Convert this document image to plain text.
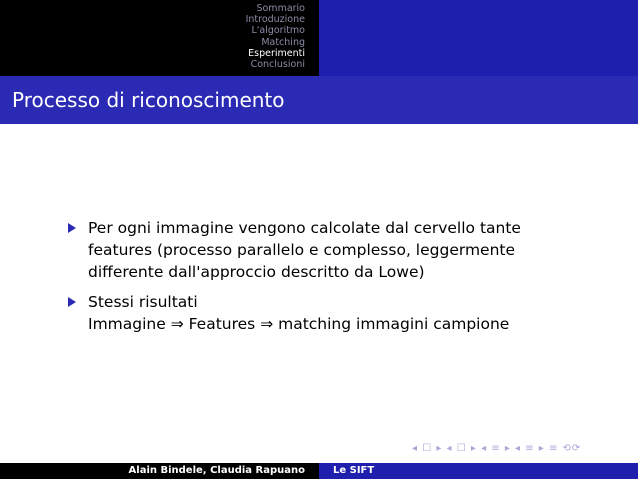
Sommario
Introduzione
L'algoritmo
Matching
Esperimenti
Conclusioni
Processo di riconoscimento
Per ogni immagine vengono calcolate dal cervello tante
features (processo parallelo e complesso, leggermente
differente dall'approccio descritto da Lowe)
Stessi risultati
Immagine ⇒ Features ⇒ matching immagini campione
◂ ☐ ▸ ◂ ☐ ▸ ◂ ≡ ▸ ◂ ≡ ▸ ≡ ⟲⟳
Alain Bindele, Claudia Rapuano	Le SIFT
